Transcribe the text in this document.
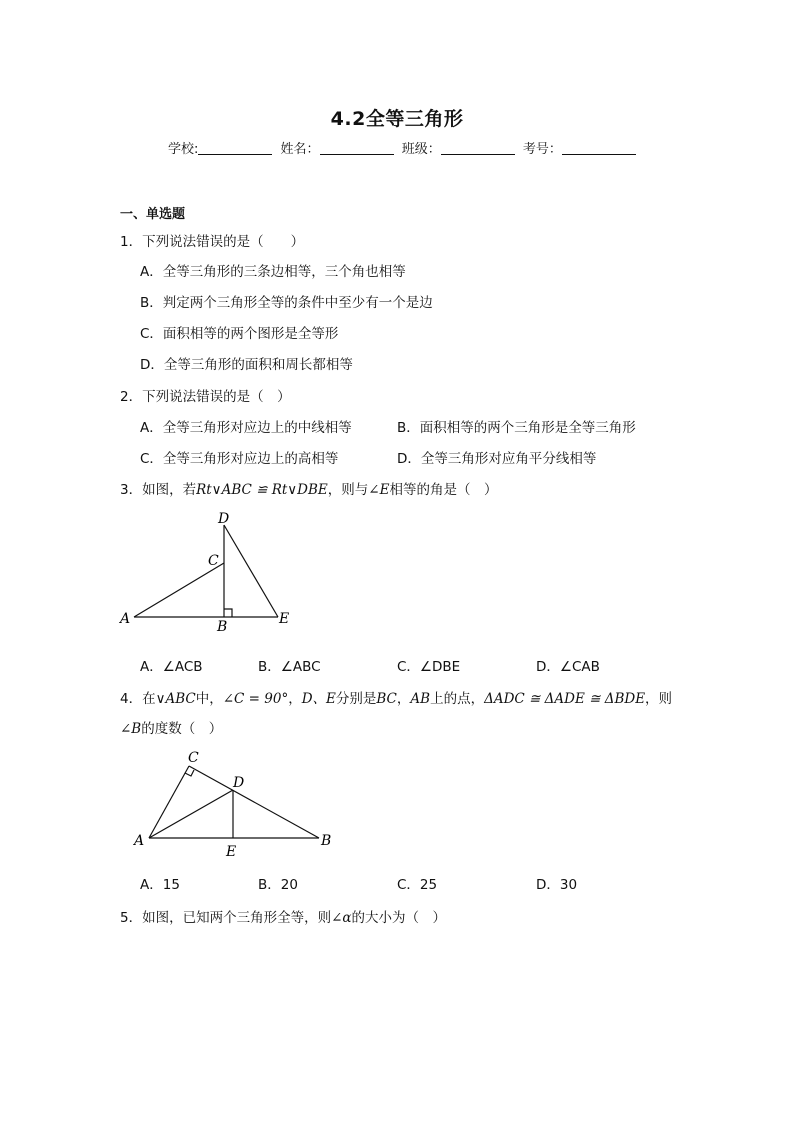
4.2全等三角形
学校:	姓名：	班级：	考号：
一、单选题
1．下列说法错误的是（　　）
A．全等三角形的三条边相等，三个角也相等
B．判定两个三角形全等的条件中至少有一个是边
C．面积相等的两个图形是全等形
D．全等三角形的面积和周长都相等
2．下列说法错误的是（　）
A．全等三角形对应边上的中线相等	B．面积相等的两个三角形是全等三角形
C．全等三角形对应边上的高相等	D．全等三角形对应角平分线相等
3．如图，若Rt∨ABC ≌ Rt∨DBE，则与∠E相等的角是（　）
D
C
A	B	E
A．∠ACB	B．∠ABC	C．∠DBE	D．∠CAB
4．在∨ABC中，∠C = 90°，D、E分别是BC，AB上的点，ΔADC ≅ ΔADE ≅ ΔBDE，则
∠B的度数（　）
C
D
A	B
E
A．15	B．20	C．25	D．30
5．如图，已知两个三角形全等，则∠α的大小为（　）
